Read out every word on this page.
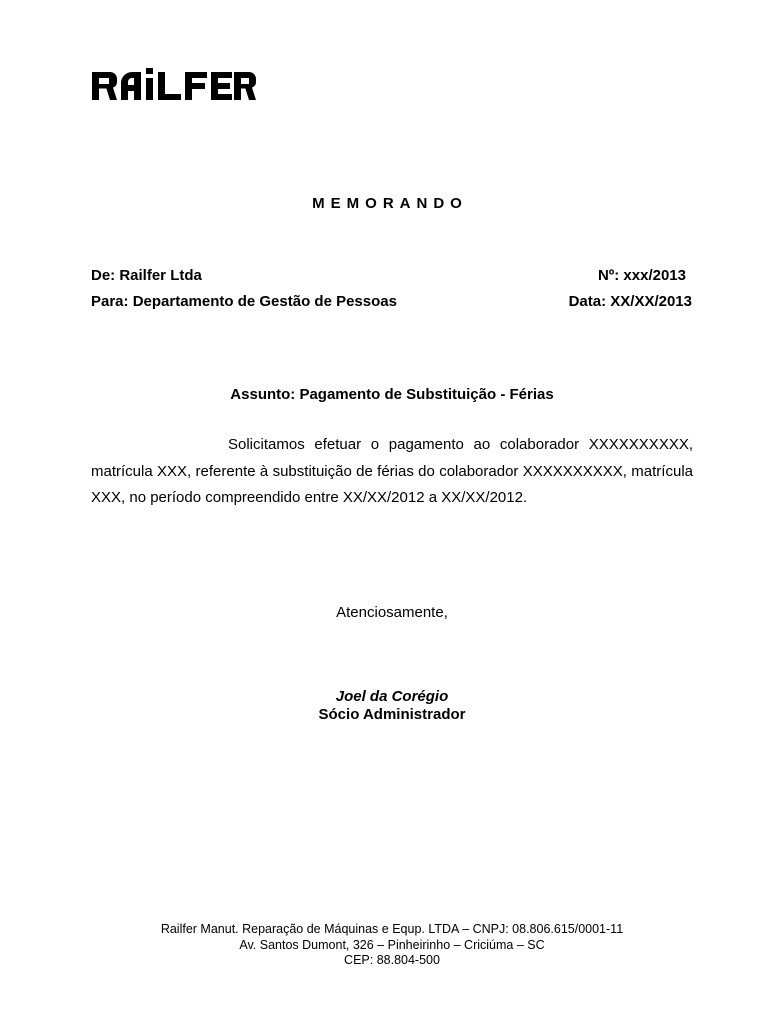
MEMORANDO
De: Railfer Ltda
Para: Departamento de Gestão de Pessoas
Nº: xxx/2013
Data: XX/XX/2013
Assunto: Pagamento de Substituição - Férias
Solicitamos efetuar o pagamento ao colaborador XXXXXXXXXX, matrícula XXX, referente à substituição de férias do colaborador XXXXXXXXXX, matrícula XXX, no período compreendido entre XX/XX/2012 a XX/XX/2012.
Atenciosamente,
Joel da Corégio
Sócio Administrador
Railfer Manut. Reparação de Máquinas e Equp. LTDA – CNPJ: 08.806.615/0001-11
Av. Santos Dumont, 326 – Pinheirinho – Criciúma – SC
CEP: 88.804-500
